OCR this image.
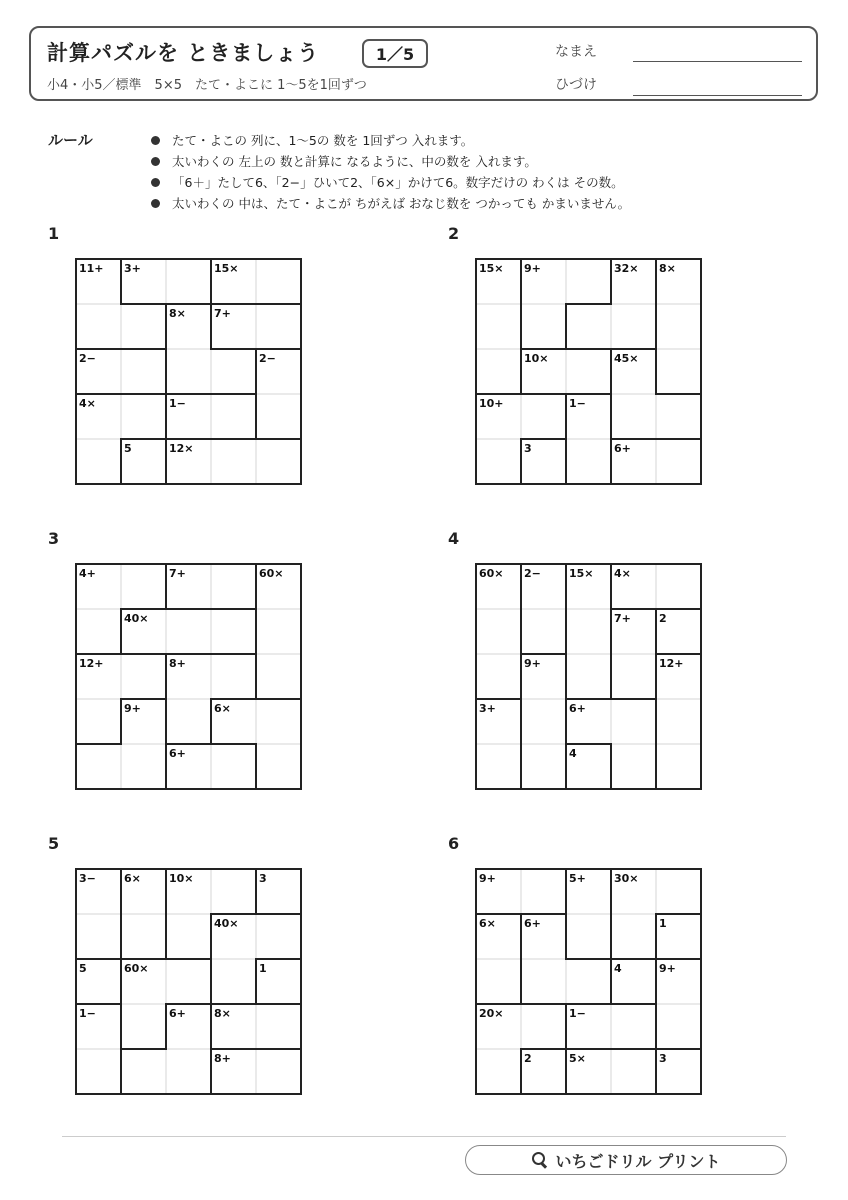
計算パズルを ときましょう	1／5
小4・小5／標準　5×5　たて・よこに 1～5を1回ずつ
なまえ
ひづけ
ルール	たて・よこの 列に、1～5の 数を 1回ずつ 入れます。
太いわくの 左上の 数と計算に なるように、中の数を 入れます。
「6＋」たして6、「2−」ひいて2、「6×」かけて6。数字だけの わくは その数。
太いわくの 中は、たて・よこが ちがえば おなじ数を つかっても かまいません。
1
11+ 3+	15×
8×	7+
2−	2−
4×	1−
5	12×
2
15× 9+	32× 8×
10×	45×
10+	1−
3	6+
3
4+	7+	60×
40×
12+	8+
9+	6×
6+
4
60× 2−	15× 4×
7+	2
9+	12+
3+	6+
4
5
3−	6×	10×	3
40×
5	60×	1
1−	6+	8×
8+
6
9+	5+	30×
6×	6+	1
4	9+
20×	1−
2	5×	3
いちごドリル プリント
